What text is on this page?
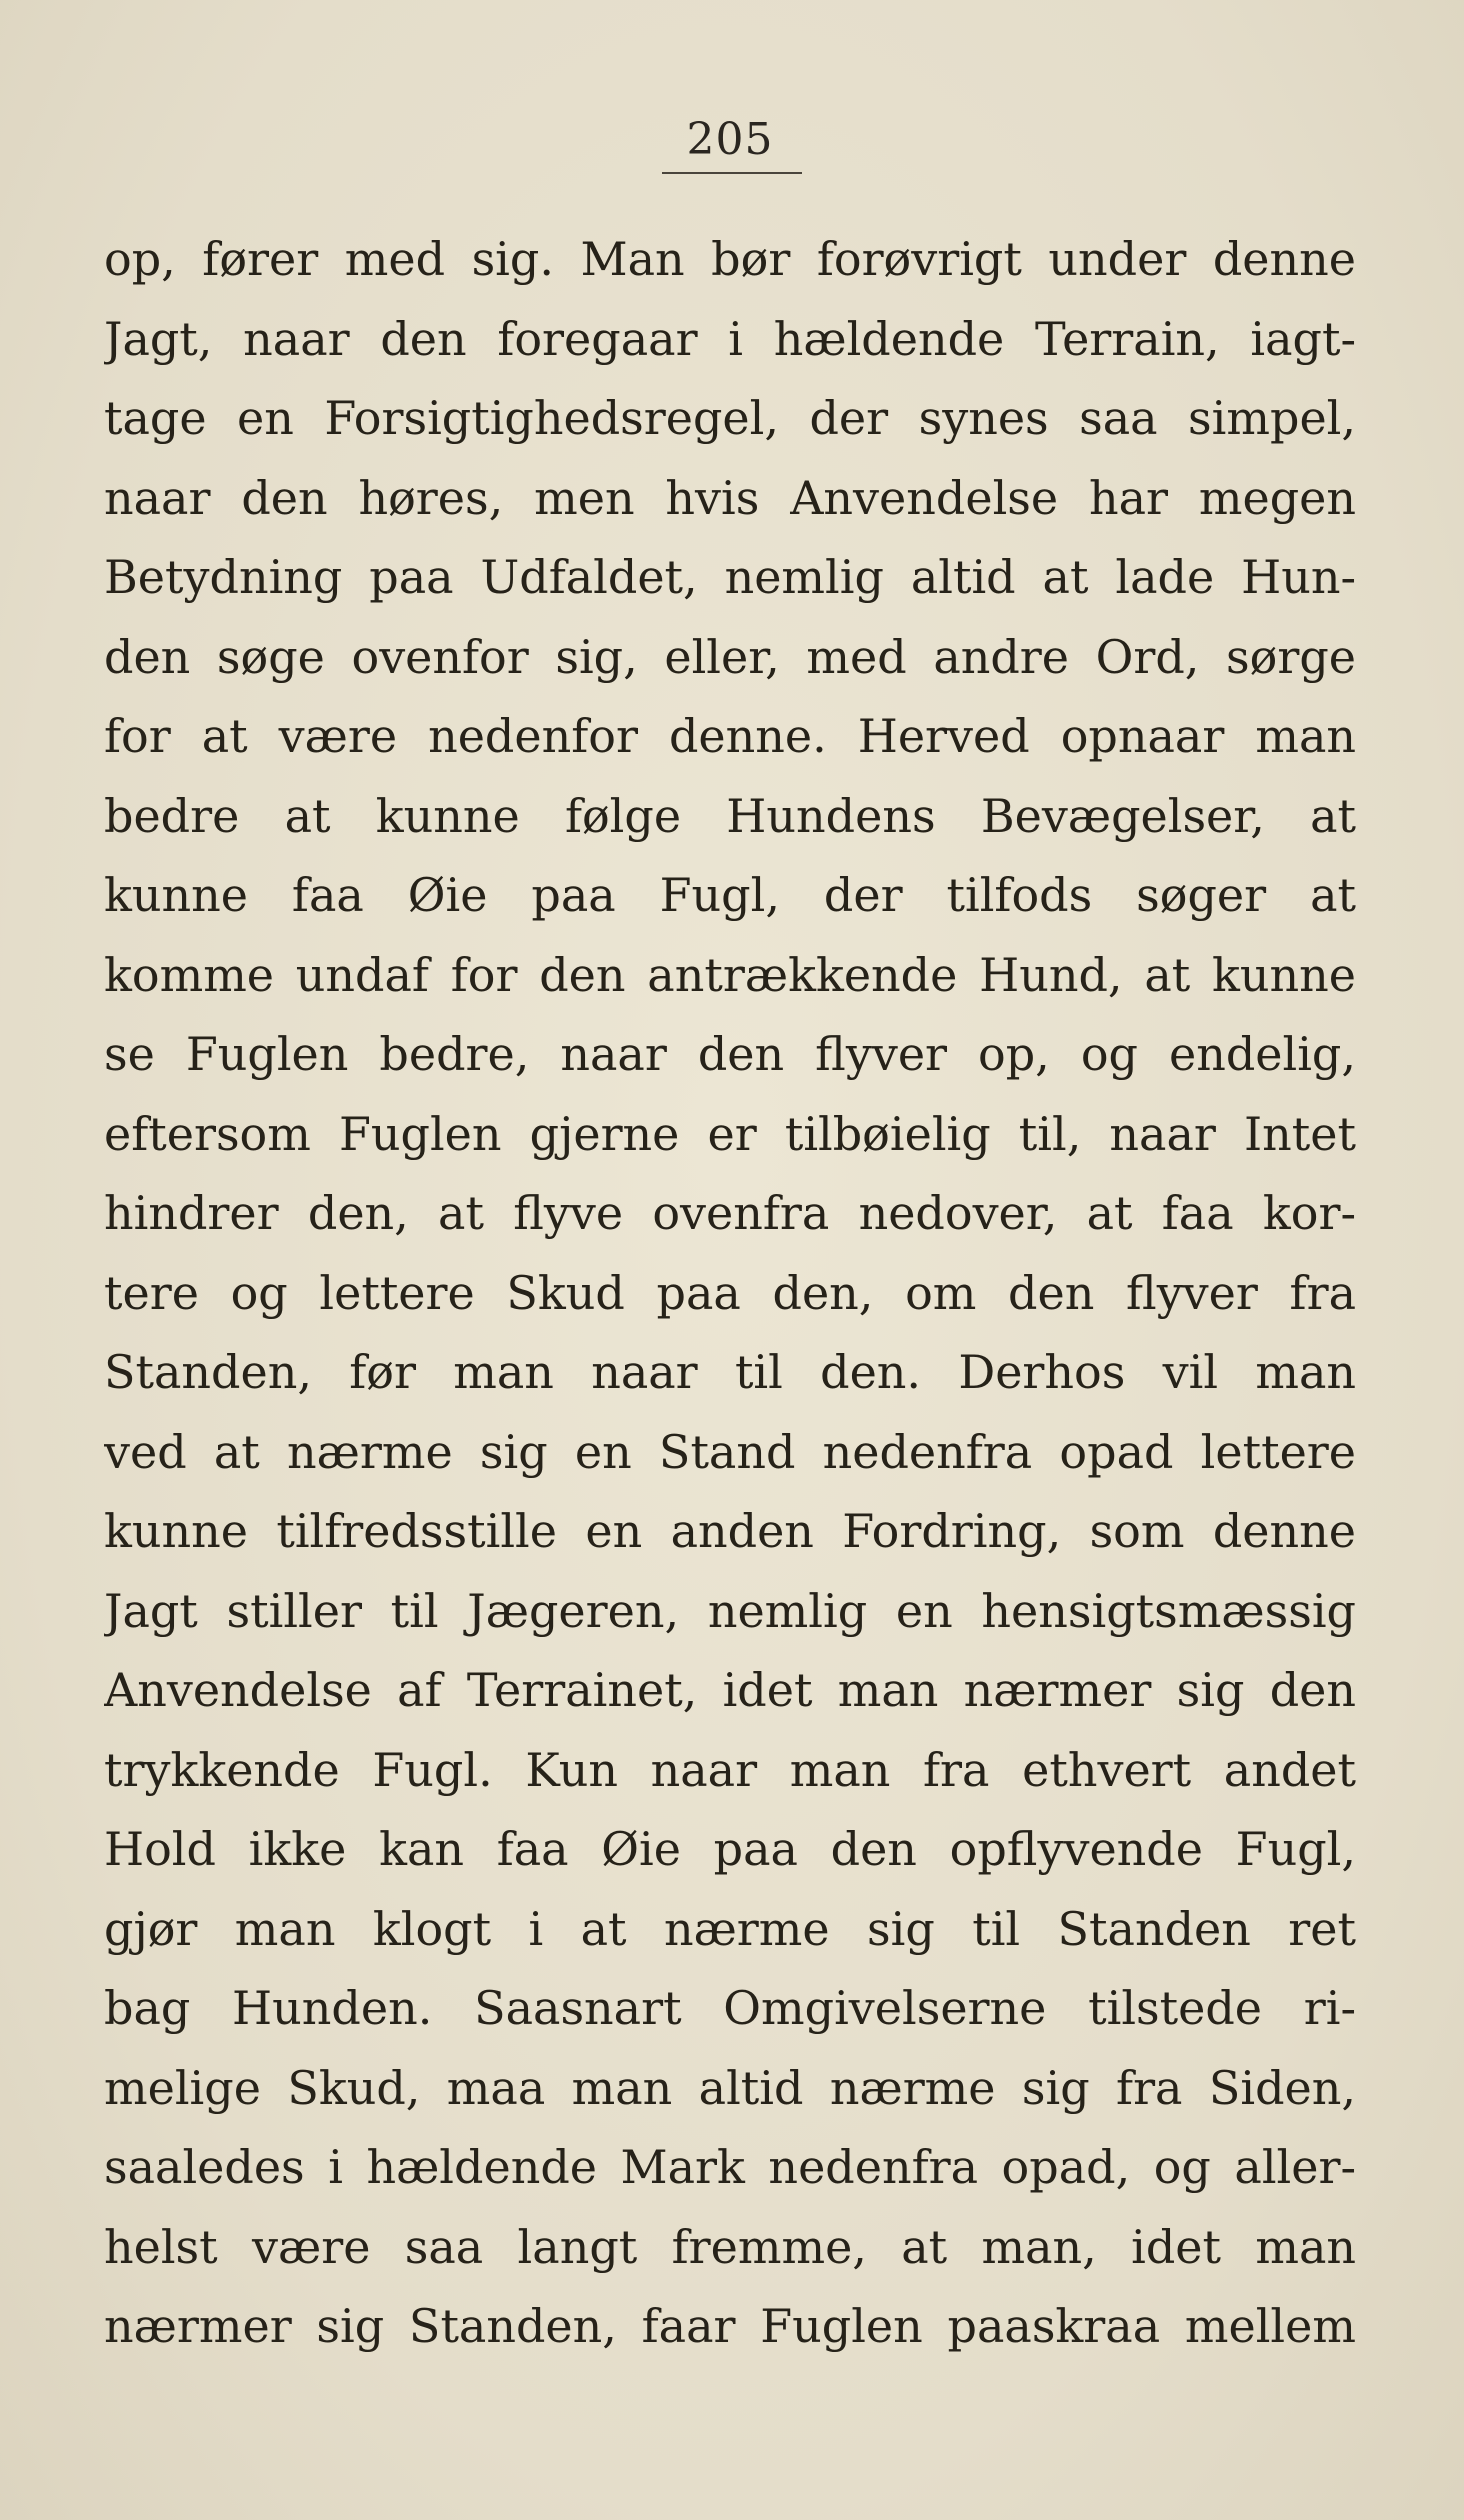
205
op, fører med sig. Man bør forøvrigt under denne
Jagt, naar den foregaar i hældende Terrain, iagt-
tage en Forsigtighedsregel, der synes saa simpel,
naar den høres, men hvis Anvendelse har megen
Betydning paa Udfaldet, nemlig altid at lade Hun-
den søge ovenfor sig, eller, med andre Ord, sørge
for at være nedenfor denne. Herved opnaar man
bedre at kunne følge Hundens Bevægelser, at
kunne faa Øie paa Fugl, der tilfods søger at
komme undaf for den antrækkende Hund, at kunne
se Fuglen bedre, naar den flyver op, og endelig,
eftersom Fuglen gjerne er tilbøielig til, naar Intet
hindrer den, at flyve ovenfra nedover, at faa kor-
tere og lettere Skud paa den, om den flyver fra
Standen, før man naar til den. Derhos vil man
ved at nærme sig en Stand nedenfra opad lettere
kunne tilfredsstille en anden Fordring, som denne
Jagt stiller til Jægeren, nemlig en hensigtsmæssig
Anvendelse af Terrainet, idet man nærmer sig den
trykkende Fugl. Kun naar man fra ethvert andet
Hold ikke kan faa Øie paa den opflyvende Fugl,
gjør man klogt i at nærme sig til Standen ret
bag Hunden. Saasnart Omgivelserne tilstede ri-
melige Skud, maa man altid nærme sig fra Siden,
saaledes i hældende Mark nedenfra opad, og aller-
helst være saa langt fremme, at man, idet man
nærmer sig Standen, faar Fuglen paaskraa mellem
